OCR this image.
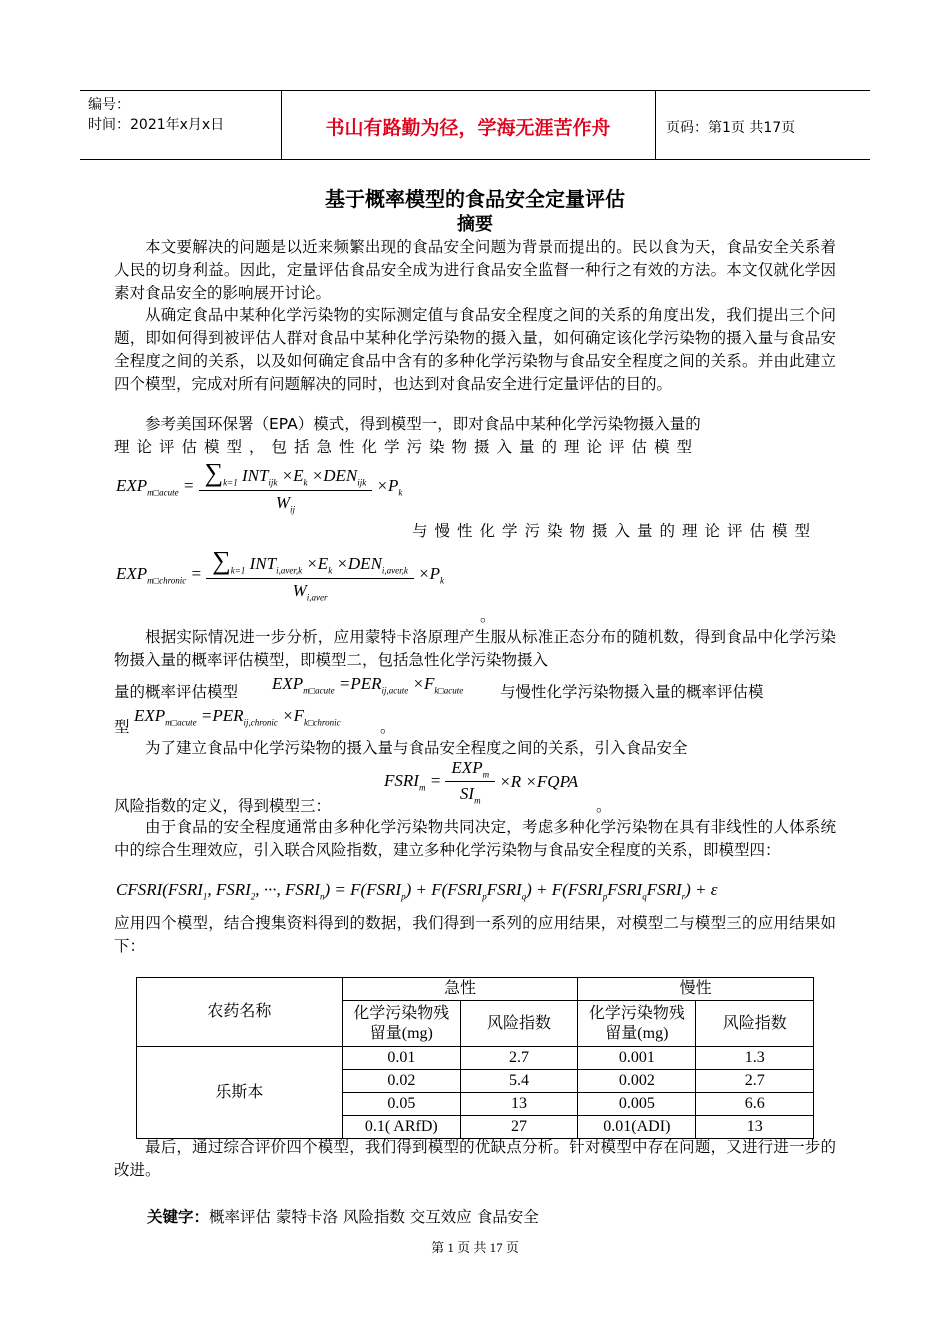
编号：
时间：2021年x月x日	书山有路勤为径，学海无涯苦作舟	页码：第1页 共17页
基于概率模型的食品安全定量评估
摘要

本文要解决的问题是以近来频繁出现的食品安全问题为背景而提出的。民以食为天，食品安全关系着人民的切身利益。因此，定量评估食品安全成为进行食品安全监督一种行之有效的方法。本文仅就化学因素对食品安全的影响展开讨论。

从确定食品中某种化学污染物的实际测定值与食品安全程度之间的关系的角度出发，我们提出三个问题，即如何得到被评估人群对食品中某种化学污染物的摄入量，如何确定该化学污染物的摄入量与食品安全程度之间的关系，以及如何确定食品中含有的多种化学污染物与食品安全程度之间的关系。并由此建立四个模型，完成对所有问题解决的同时，也达到对食品安全进行定量评估的目的。

参考美国环保署（EPA）模式，得到模型一，即对食品中某种化学污染物摄入量的

理论评估模型，包括急性化学污染物摄入量的理论评估模型

$EXP_{m□acute} = \frac{\sum_{k=1} INT_{ijk} \times E_k \times DEN_{ijk}}{W_{ij}} \times P_k$

与慢性化学污染物摄入量的理论评估模型

$EXP_{m□chronic} = \frac{\sum_{k=1} INT_{i,aver,k} \times E_k \times DEN_{i,aver,k}}{W_{i,aver}} \times P_k$

。

根据实际情况进一步分析，应用蒙特卡洛原理产生服从标准正态分布的随机数，得到食品中化学污染物摄入量的概率评估模型，即模型二，包括急性化学污染物摄入

量的概率评估模型	$EXP_{m□acute} =PER_{ij,acute} \times F_{k□acute}$ 与慢性化学污染物摄入量的概率评估模

型

$EXP_{m□acute} =PER_{ij,chronic} \times F_{k□chronic}$	。

为了建立食品中化学污染物的摄入量与食品安全程度之间的关系，引入食品安全

$FSRI_m = \frac{EXP_m}{SI_m} \times R$ ×FQPA

风险指数的定义，得到模型三：	。

由于食品的安全程度通常由多种化学污染物共同决定，考虑多种化学污染物在具有非线性的人体系统中的综合生理效应，引入联合风险指数，建立多种化学污染物与食品安全程度的关系，即模型四：

$CFSRI(FSRI_1$, $FSRI_2$, ···, $FSRI_n$) = $F(FSRI_p)$ + $F(FSRI_pFSRI_q)$ + $F(FSRI_pFSRI_qFSRI_r) + \varepsilon$

应用四个模型，结合搜集资料得到的数据，我们得到一系列的应用结果，对模型二与模型三的应用结果如下：

农药名称	急性		慢性	
	化学污染物残留量(mg)	风险指数	化学污染物残留量(mg)	风险指数
乐斯本	0.01	2.7	0.001	1.3
	0.02	5.4	0.002	2.7
	0.05	13	0.005	6.6
	0.1( ARfD)	27	0.01(ADI)	13

最后，通过综合评价四个模型，我们得到模型的优缺点分析。针对模型中存在问题，又进行进一步的改进。

关键字：概率评估 蒙特卡洛 风险指数 交互效应 食品安全
第 1 页 共 17 页
